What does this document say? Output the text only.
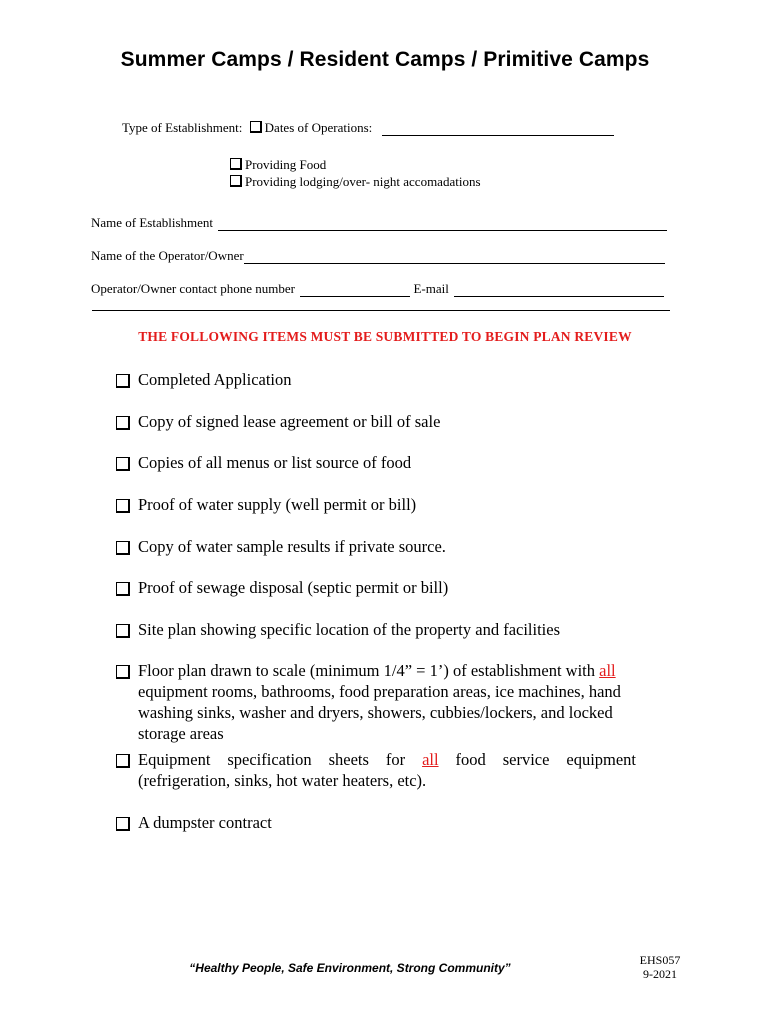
Summer Camps / Resident Camps / Primitive Camps
Type of Establishment: Dates of Operations:
Providing Food
Providing lodging/over- night accomadations
Name of Establishment
Name of the Operator/Owner
Operator/Owner contact phone number	E-mail
THE FOLLOWING ITEMS MUST BE SUBMITTED TO BEGIN PLAN REVIEW
Completed Application
Copy of signed lease agreement or bill of sale
Copies of all menus or list source of food
Proof of water supply (well permit or bill)
Copy of water sample results if private source.
Proof of sewage disposal (septic permit or bill)
Site plan showing specific location of the property and facilities
Floor plan drawn to scale (minimum 1/4” = 1’) of establishment with all equipment rooms, bathrooms, food preparation areas, ice machines, hand washing sinks, washer and dryers, showers, cubbies/lockers, and locked storage areas
Equipment specification sheets for all food service equipment (refrigeration, sinks, hot water heaters, etc).
A dumpster contract
“Healthy People, Safe Environment, Strong Community”
EHS057
9-2021
